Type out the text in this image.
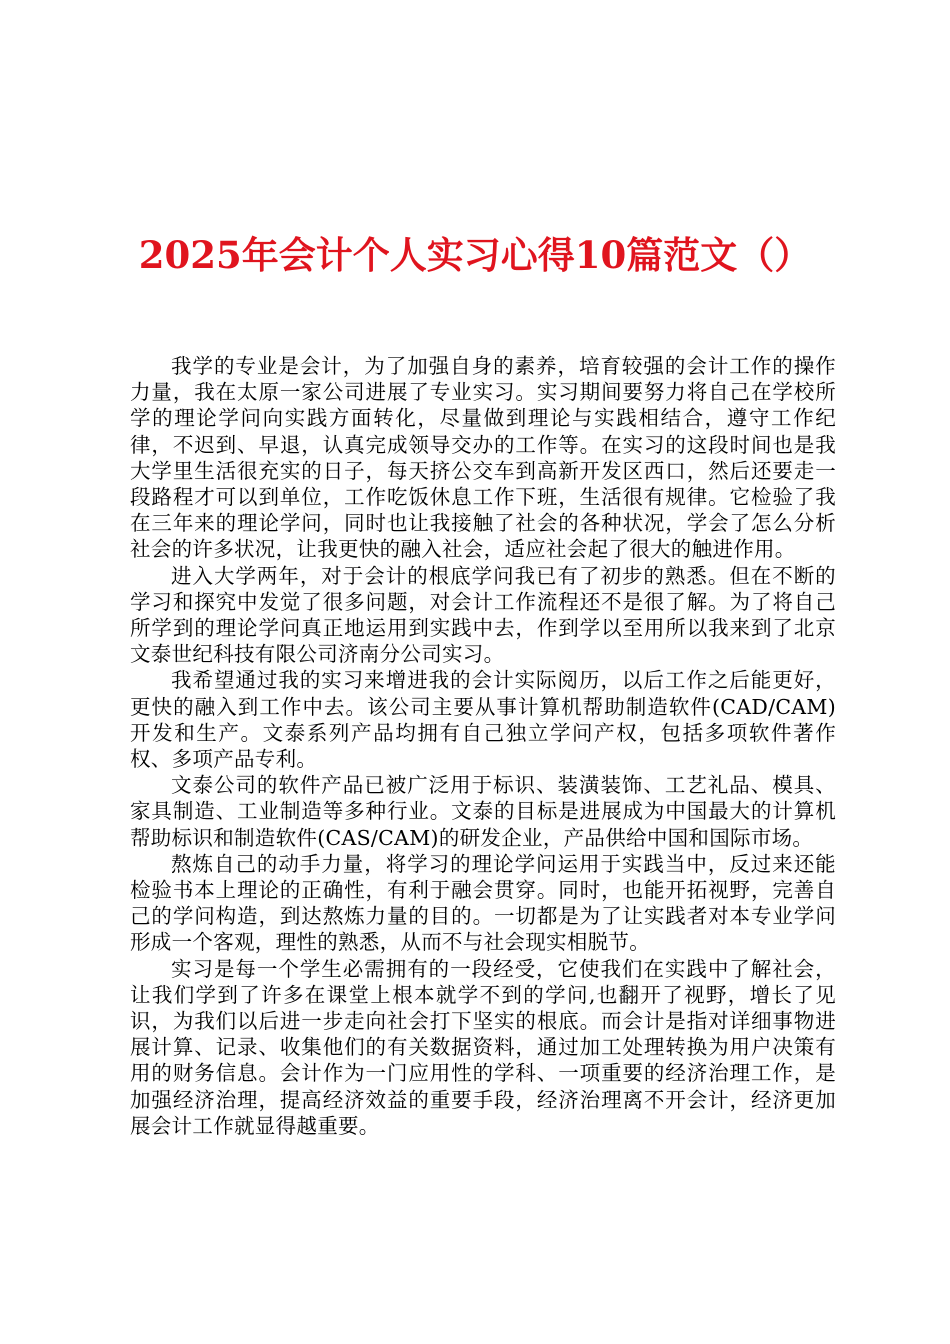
2025年会计个人实习心得10篇范文（）

我学的专业是会计，为了加强自身的素养，培育较强的会计工作的操作力量，我在太原一家公司进展了专业实习。实习期间要努力将自己在学校所学的理论学问向实践方面转化，尽量做到理论与实践相结合，遵守工作纪律，不迟到、早退，认真完成领导交办的工作等。在实习的这段时间也是我大学里生活很充实的日子，每天挤公交车到高新开发区西口，然后还要走一段路程才可以到单位，工作吃饭休息工作下班，生活很有规律。它检验了我在三年来的理论学问，同时也让我接触了社会的各种状况，学会了怎么分析社会的许多状况，让我更快的融入社会，适应社会起了很大的触进作用。

进入大学两年，对于会计的根底学问我已有了初步的熟悉。但在不断的学习和探究中发觉了很多问题，对会计工作流程还不是很了解。为了将自己所学到的理论学问真正地运用到实践中去，作到学以至用所以我来到了北京文泰世纪科技有限公司济南分公司实习。

我希望通过我的实习来增进我的会计实际阅历，以后工作之后能更好，更快的融入到工作中去。该公司主要从事计算机帮助制造软件(CAD/CAM)开发和生产。文泰系列产品均拥有自己独立学问产权，包括多项软件著作权、多项产品专利。

文泰公司的软件产品已被广泛用于标识、装潢装饰、工艺礼品、模具、家具制造、工业制造等多种行业。文泰的目标是进展成为中国最大的计算机帮助标识和制造软件(CAS/CAM)的研发企业，产品供给中国和国际市场。

熬炼自己的动手力量，将学习的理论学问运用于实践当中，反过来还能检验书本上理论的正确性，有利于融会贯穿。同时，也能开拓视野，完善自己的学问构造，到达熬炼力量的目的。一切都是为了让实践者对本专业学问形成一个客观，理性的熟悉，从而不与社会现实相脱节。

实习是每一个学生必需拥有的一段经受，它使我们在实践中了解社会，让我们学到了许多在课堂上根本就学不到的学问,也翻开了视野，增长了见识，为我们以后进一步走向社会打下坚实的根底。而会计是指对详细事物进展计算、记录、收集他们的有关数据资料，通过加工处理转换为用户决策有用的财务信息。会计作为一门应用性的学科、一项重要的经济治理工作，是加强经济治理，提高经济效益的重要手段，经济治理离不开会计，经济更加展会计工作就显得越重要。
